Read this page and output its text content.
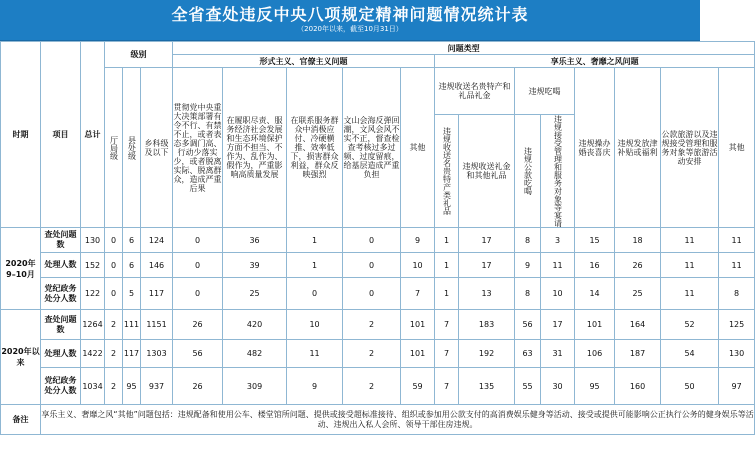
全省查处违反中央八项规定精神问题情况统计表
（2020年以来，截至10月31日）
时期	项目	总计	级别			问题类型												
						形式主义、官僚主义问题					享乐主义、奢靡之风问题							
			厅局级	县处级	乡科级及以下	贯彻党中央重大决策部署有令不行、有禁不止，或者表态多调门高、行动少落实少，或者脱离实际、脱离群众，造成严重后果	在履职尽责、服务经济社会发展和生态环境保护方面不担当、不作为、乱作为、假作为，严重影响高质量发展	在联系服务群众中消极应付、冷硬横推、效率低下，损害群众利益，群众反映强烈	文山会海反弹回潮，文风会风不实不正，督查检查考核过多过频、过度留痕，给基层造成严重负担	其他	违规收送名贵特产和礼品礼金		违规吃喝		违规操办婚丧喜庆	违规发放津补贴或福利	公款旅游以及违规接受管理和服务对象等旅游活动安排	其他
											违规收送名贵特产类礼品	违规收送礼金和其他礼品	违规公款吃喝	违规接受管理和服务对象等宴请				

2020年9–10月	查处问题数	130	0	6	124	0	36	1	0	9	1	17	8	3	15	18	11	11
	处理人数	152	0	6	146	0	39	1	0	10	1	17	9	11	16	26	11	11
	党纪政务处分人数	122	0	5	117	0	25	0	0	7	1	13	8	10	14	25	11	8
2020年以来	查处问题数	1264	2	111	1151	26	420	10	2	101	7	183	56	17	101	164	52	125
	处理人数	1422	2	117	1303	56	482	11	2	101	7	192	63	31	106	187	54	130
	党纪政务处分人数	1034	2	95	937	26	309	9	2	59	7	135	55	30	95	160	50	97
备注	享乐主义、奢靡之风“其他”问题包括：违规配备和使用公车、楼堂馆所问题、提供或接受超标准接待、组织或参加用公款支付的高消费娱乐健身等活动、接受或提供可能影响公正执行公务的健身娱乐等活动、违规出入私人会所、领导干部住房违规。																	
